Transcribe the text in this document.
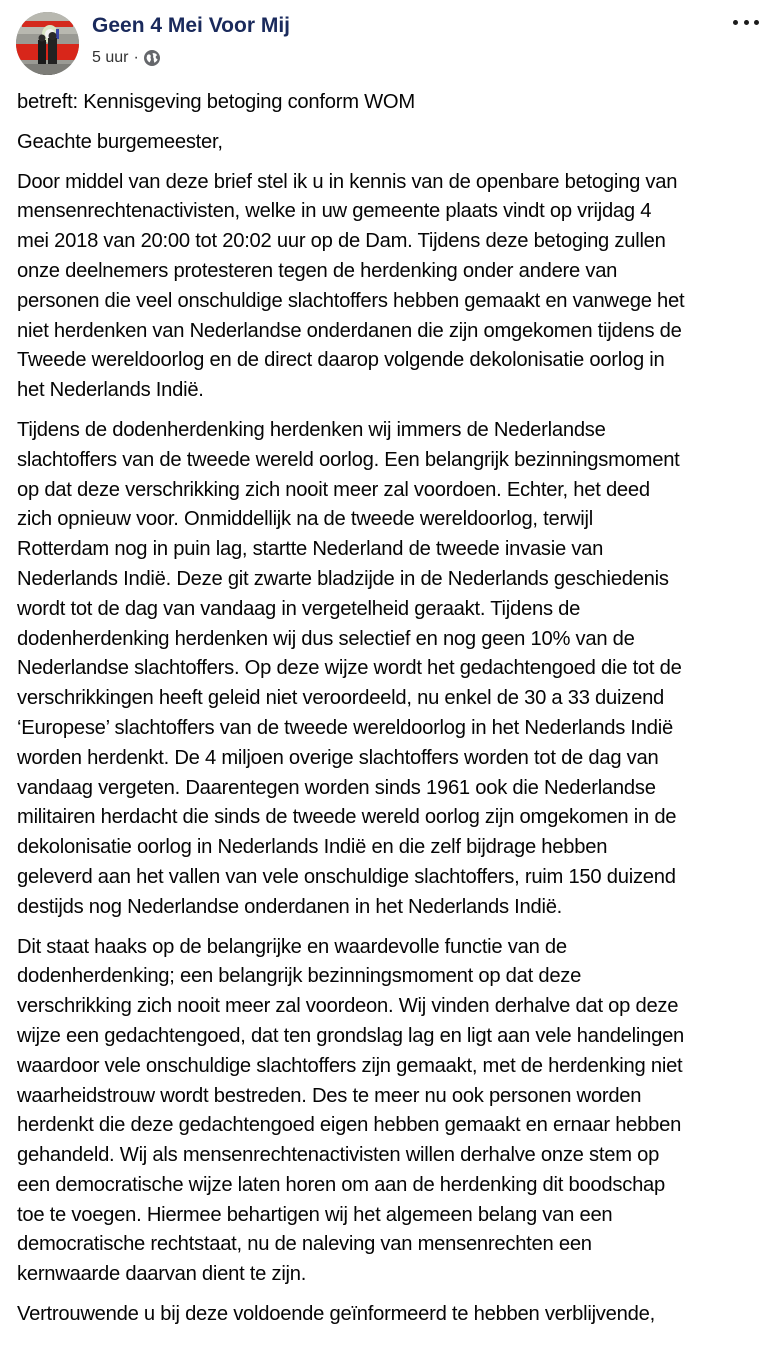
Geen 4 Mei Voor Mij
5 uur ·

betreft: Kennisgeving betoging conform WOM

Geachte burgemeester,

Door middel van deze brief stel ik u in kennis van de openbare betoging van
mensenrechtenactivisten, welke in uw gemeente plaats vindt op vrijdag 4
mei 2018 van 20:00 tot 20:02 uur op de Dam. Tijdens deze betoging zullen
onze deelnemers protesteren tegen de herdenking onder andere van
personen die veel onschuldige slachtoffers hebben gemaakt en vanwege het
niet herdenken van Nederlandse onderdanen die zijn omgekomen tijdens de
Tweede wereldoorlog en de direct daarop volgende dekolonisatie oorlog in
het Nederlands Indië.

Tijdens de dodenherdenking herdenken wij immers de Nederlandse
slachtoffers van de tweede wereld oorlog. Een belangrijk bezinningsmoment
op dat deze verschrikking zich nooit meer zal voordoen. Echter, het deed
zich opnieuw voor. Onmiddellijk na de tweede wereldoorlog, terwijl
Rotterdam nog in puin lag, startte Nederland de tweede invasie van
Nederlands Indië. Deze git zwarte bladzijde in de Nederlands geschiedenis
wordt tot de dag van vandaag in vergetelheid geraakt. Tijdens de
dodenherdenking herdenken wij dus selectief en nog geen 10% van de
Nederlandse slachtoffers. Op deze wijze wordt het gedachtengoed die tot de
verschrikkingen heeft geleid niet veroordeeld, nu enkel de 30 a 33 duizend
‘Europese’ slachtoffers van de tweede wereldoorlog in het Nederlands Indië
worden herdenkt. De 4 miljoen overige slachtoffers worden tot de dag van
vandaag vergeten. Daarentegen worden sinds 1961 ook die Nederlandse
militairen herdacht die sinds de tweede wereld oorlog zijn omgekomen in de
dekolonisatie oorlog in Nederlands Indië en die zelf bijdrage hebben
geleverd aan het vallen van vele onschuldige slachtoffers, ruim 150 duizend
destijds nog Nederlandse onderdanen in het Nederlands Indië.

Dit staat haaks op de belangrijke en waardevolle functie van de
dodenherdenking; een belangrijk bezinningsmoment op dat deze
verschrikking zich nooit meer zal voordeon. Wij vinden derhalve dat op deze
wijze een gedachtengoed, dat ten grondslag lag en ligt aan vele handelingen
waardoor vele onschuldige slachtoffers zijn gemaakt, met de herdenking niet
waarheidstrouw wordt bestreden. Des te meer nu ook personen worden
herdenkt die deze gedachtengoed eigen hebben gemaakt en ernaar hebben
gehandeld. Wij als mensenrechtenactivisten willen derhalve onze stem op
een democratische wijze laten horen om aan de herdenking dit boodschap
toe te voegen. Hiermee behartigen wij het algemeen belang van een
democratische rechtstaat, nu de naleving van mensenrechten een
kernwaarde daarvan dient te zijn.

Vertrouwende u bij deze voldoende geïnformeerd te hebben verblijvende,
